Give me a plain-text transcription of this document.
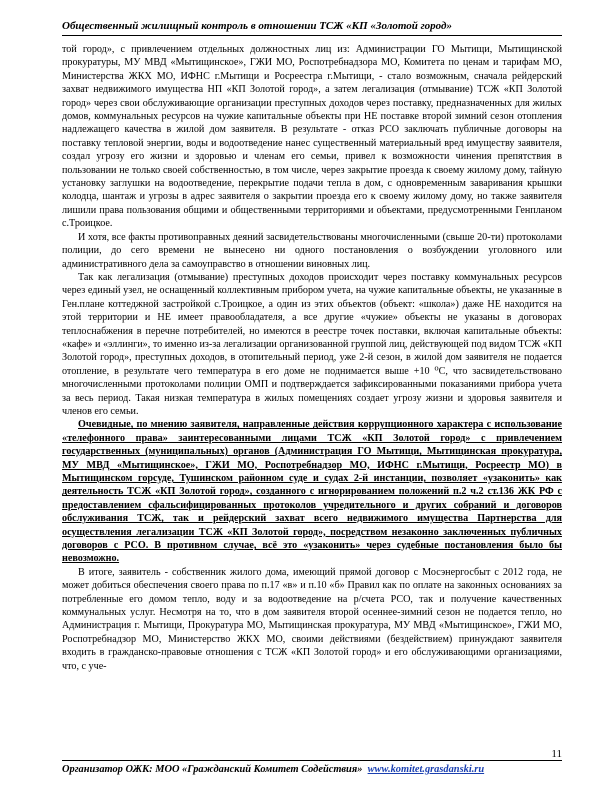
Общественный жилищный контроль в отношении ТСЖ «КП «Золотой город»

той город», с привлечением отдельных должностных лиц из: Администрации ГО Мытищи, Мытищинской прокуратуры, МУ МВД «Мытищинское», ГЖИ МО, Роспотребнадзора МО, Комитета по ценам и тарифам МО, Министерства ЖКХ МО, ИФНС г.Мытищи и Росреестра г.Мытищи, - стало возможным, сначала рейдерский захват недвижимого имущества НП «КП Золотой город», а затем легализация (отмывание) ТСЖ «КП Золотой город» через свои обслуживающие организации преступных доходов через поставку, предназначенных для жилых домов, коммунальных ресурсов на чужие капитальные объекты при НЕ поставке второй зимний сезон отопления надлежащего качества в жилой дом заявителя. В результате - отказ РСО заключать публичные договоры на поставку тепловой энергии, воды и водоотведение нанес существенный материальный вред имуществу заявителя, создал угрозу его жизни и здоровью и членам его семьи, привел к возможности чинения препятствия в пользовании не только своей собственностью, в том числе, через закрытие проезда к своему жилому дому, тайную установку заглушки на водоотведение, перекрытие подачи тепла в дом, с одновременным заваривания крышки колодца, шантаж и угрозы в адрес заявителя о закрытии проезда его к своему жилому дому, но также заявителя лишили права пользования общими и общественными территориями и объектами, предусмотренными Генпланом с.Троицкое.

И хотя, все факты противоправных деяний засвидетельствованы многочисленными (свыше 20-ти) протоколами полиции, до сего времени не вынесено ни одного постановления о возбуждении уголовного или административного дела за самоуправство в отношении виновных лиц.

Так как легализация (отмывание) преступных доходов происходит через поставку коммунальных ресурсов через единый узел, не оснащенный коллективным прибором учета, на чужие капитальные объекты, не указанные в Ген.плане коттеджной застройкой с.Троицкое, а один из этих объектов (объект: «школа») даже НЕ находится на этой территории и НЕ имеет правообладателя, а все другие «чужие» объекты не указаны в договорах теплоснабжения в перечне потребителей, но имеются в реестре точек поставки, включая капитальные объекты: «кафе» и «эллинги», то именно из-за легализации организованной группой лиц, действующей под видом ТСЖ «КП Золотой город», преступных доходов, в отопительный период, уже 2-й сезон, в жилой дом заявителя не подается отопление, в результате чего температура в его доме не поднимается выше +10 ⁰С, что засвидетельствовано многочисленными протоколами полиции ОМП и подтверждается зафиксированными показаниями прибора учета за весь период. Такая низкая температура в жилых помещениях создает угрозу жизни и здоровья заявителя и членов его семьи.

Очевидные, по мнению заявителя, направленные действия коррупционного характера с использование «телефонного права» заинтересованными лицами ТСЖ «КП Золотой город» с привлечением государственных (муниципальных) органов (Администрация ГО Мытищи, Мытищинская прокуратура, МУ МВД «Мытищинское», ГЖИ МО, Роспотребнадзор МО, ИФНС г.Мытищи, Росреестр МО) в Мытищинском горсуде, Тушинском районном суде и судах 2-й инстанции, позволяет «узаконить» как деятельность ТСЖ «КП Золотой город», созданного с игнорированием положений п.2 ч.2 ст.136 ЖК РФ с предоставлением сфальсифицированных протоколов учредительного и других собраний и договоров обслуживания ТСЖ, так и рейдерский захват всего недвижимого имущества Партнерства для осуществления легализации ТСЖ «КП Золотой город», посредством незаконно заключенных публичных договоров с РСО. В противном случае, всё это «узаконить» через судебные постановления было бы невозможно.

В итоге, заявитель - собственник жилого дома, имеющий прямой договор с Мосэнергосбыт с 2012 года, не может добиться обеспечения своего права по п.17 «в» и п.10 «б» Правил как по оплате на законных основаниях за потребленные его домом тепло, воду и за водоотведение на р/счета РСО, так и получение качественных коммунальных услуг. Несмотря на то, что в дом заявителя второй осеннее-зимний сезон не подается тепло, но Администрация г. Мытищи, Прокуратура МО, Мытищинская прокуратура, МУ МВД «Мытищинское», ГЖИ МО, Роспотребнадзор МО, Министерство ЖКХ МО, своими действиями (бездействием) принуждают заявителя входить в гражданско-правовые отношения с ТСЖ «КП Золотой город» и его обслуживающими организациями, что, с уче-

11
Организатор ОЖК: МОО «Гражданский Комитет Содействия» www.komitet.grasdanski.ru
